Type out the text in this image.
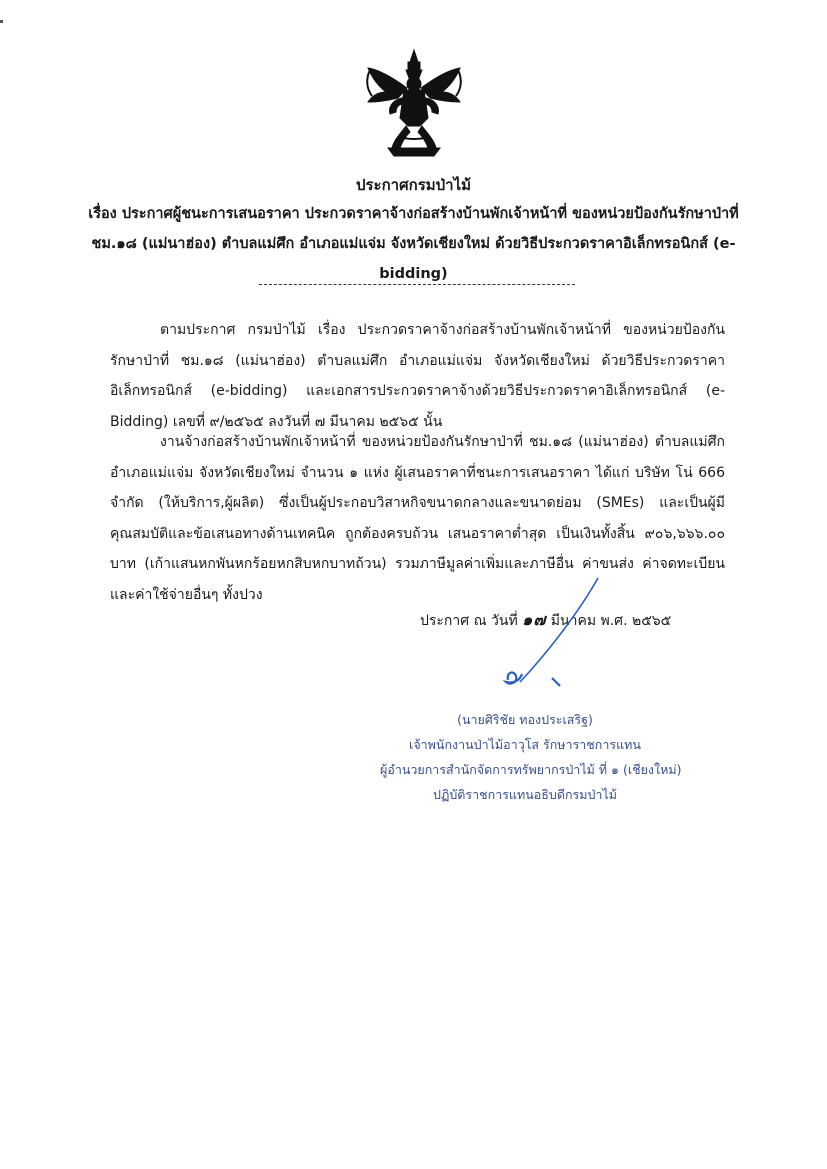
ประกาศกรมป่าไม้
เรื่อง ประกาศผู้ชนะการเสนอราคา ประกวดราคาจ้างก่อสร้างบ้านพักเจ้าหน้าที่ ของหน่วยป้องกันรักษาป่าที่ ชม.๑๘ (แม่นาฮ่อง) ตำบลแม่ศึก อำเภอแม่แจ่ม จังหวัดเชียงใหม่ ด้วยวิธีประกวดราคาอิเล็กทรอนิกส์ (e-bidding)
ตามประกาศ กรมป่าไม้ เรื่อง ประกวดราคาจ้างก่อสร้างบ้านพักเจ้าหน้าที่ ของหน่วยป้องกันรักษาป่าที่ ชม.๑๘ (แม่นาฮ่อง) ตำบลแม่ศึก อำเภอแม่แจ่ม จังหวัดเชียงใหม่ ด้วยวิธีประกวดราคาอิเล็กทรอนิกส์ (e-bidding) และเอกสารประกวดราคาจ้างด้วยวิธีประกวดราคาอิเล็กทรอนิกส์ (e-Bidding) เลขที่ ๙/๒๕๖๕ ลงวันที่ ๗ มีนาคม ๒๕๖๕ นั้น
งานจ้างก่อสร้างบ้านพักเจ้าหน้าที่ ของหน่วยป้องกันรักษาป่าที่ ชม.๑๘ (แม่นาฮ่อง) ตำบลแม่ศึก อำเภอแม่แจ่ม จังหวัดเชียงใหม่ จำนวน ๑ แห่ง ผู้เสนอราคาที่ชนะการเสนอราคา ได้แก่ บริษัท โน่ 666 จำกัด (ให้บริการ,ผู้ผลิต) ซึ่งเป็นผู้ประกอบวิสาหกิจขนาดกลางและขนาดย่อม (SMEs) และเป็นผู้มีคุณสมบัติและข้อเสนอทางด้านเทคนิค ถูกต้องครบถ้วน เสนอราคาต่ำสุด เป็นเงินทั้งสิ้น ๙๐๖,๖๖๖.๐๐ บาท (เก้าแสนหกพันหกร้อยหกสิบหกบาทถ้วน) รวมภาษีมูลค่าเพิ่มและภาษีอื่น ค่าขนส่ง ค่าจดทะเบียน และค่าใช้จ่ายอื่นๆ ทั้งปวง
ประกาศ ณ วันที่ ๑๗ มีนาคม พ.ศ. ๒๕๖๕
(นายศิริชัย ทองประเสริฐ)
เจ้าพนักงานป่าไม้อาวุโส รักษาราชการแทน
ผู้อำนวยการสำนักจัดการทรัพยากรป่าไม้ ที่ ๑ (เชียงใหม่)
ปฏิบัติราชการแทนอธิบดีกรมป่าไม้
